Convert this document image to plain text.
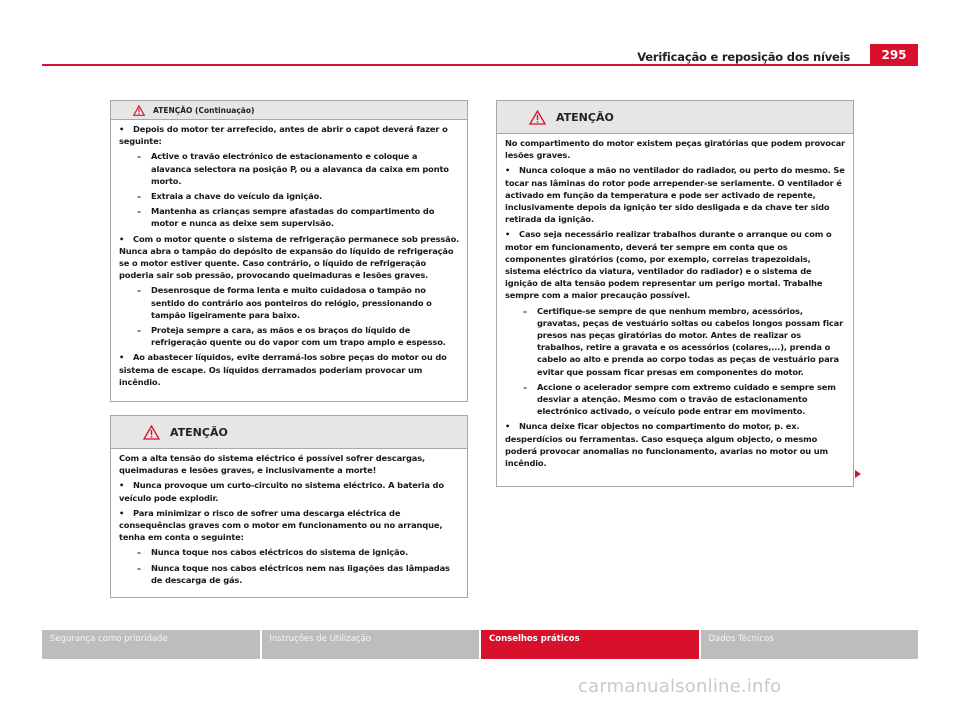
Verificação e reposição dos níveis	295
ATENÇÃO (Continuação)
• Depois do motor ter arrefecido, antes de abrir o capot deverá fazer o seguinte:
– Active o travão electrónico de estacionamento e coloque a alavanca selectora na posição P, ou a alavanca da caixa em ponto morto.
– Extraia a chave do veículo da ignição.
– Mantenha as crianças sempre afastadas do compartimento do motor e nunca as deixe sem supervisão.
• Com o motor quente o sistema de refrigeração permanece sob pressão. Nunca abra o tampão do depósito de expansão do líquido de refrigeração se o motor estiver quente. Caso contrário, o líquido de refrigeração poderia sair sob pressão, provocando queimaduras e lesões graves.
– Desenrosque de forma lenta e muito cuidadosa o tampão no sentido do contrário aos ponteiros do relógio, pressionando o tampão ligeiramente para baixo.
– Proteja sempre a cara, as mãos e os braços do líquido de refrigeração quente ou do vapor com um trapo amplo e espesso.
• Ao abastecer líquidos, evite derramá-los sobre peças do motor ou do sistema de escape. Os líquidos derramados poderiam provocar um incêndio.
ATENÇÃO
Com a alta tensão do sistema eléctrico é possível sofrer descargas, queimaduras e lesões graves, e inclusivamente a morte!
• Nunca provoque um curto-circuito no sistema eléctrico. A bateria do veículo pode explodir.
• Para minimizar o risco de sofrer uma descarga eléctrica de consequências graves com o motor em funcionamento ou no arranque, tenha em conta o seguinte:
– Nunca toque nos cabos eléctricos do sistema de ignição.
– Nunca toque nos cabos eléctricos nem nas ligações das lâmpadas de descarga de gás.
ATENÇÃO
No compartimento do motor existem peças giratórias que podem provocar lesões graves.
• Nunca coloque a mão no ventilador do radiador, ou perto do mesmo. Se tocar nas lâminas do rotor pode arrepender-se seriamente. O ventilador é activado em função da temperatura e pode ser activado de repente, inclusivamente depois da ignição ter sido desligada e da chave ter sido retirada da ignição.
• Caso seja necessário realizar trabalhos durante o arranque ou com o motor em funcionamento, deverá ter sempre em conta que os componentes giratórios (como, por exemplo, correias trapezoidais, sistema eléctrico da viatura, ventilador do radiador) e o sistema de ignição de alta tensão podem representar um perigo mortal. Trabalhe sempre com a maior precaução possível.
– Certifique-se sempre de que nenhum membro, acessórios, gravatas, peças de vestuário soltas ou cabelos longos possam ficar presos nas peças giratórias do motor. Antes de realizar os trabalhos, retire a gravata e os acessórios (colares,...), prenda o cabelo ao alto e prenda ao corpo todas as peças de vestuário para evitar que possam ficar presas em componentes do motor.
– Accione o acelerador sempre com extremo cuidado e sempre sem desviar a atenção. Mesmo com o travão de estacionamento electrónico activado, o veículo pode entrar em movimento.
• Nunca deixe ficar objectos no compartimento do motor, p. ex. desperdícios ou ferramentas. Caso esqueça algum objecto, o mesmo poderá provocar anomalias no funcionamento, avarias no motor ou um incêndio.
Segurança como prioridade	Instruções de Utilização	Conselhos práticos	Dados Técnicos
carmanualsonline.info
